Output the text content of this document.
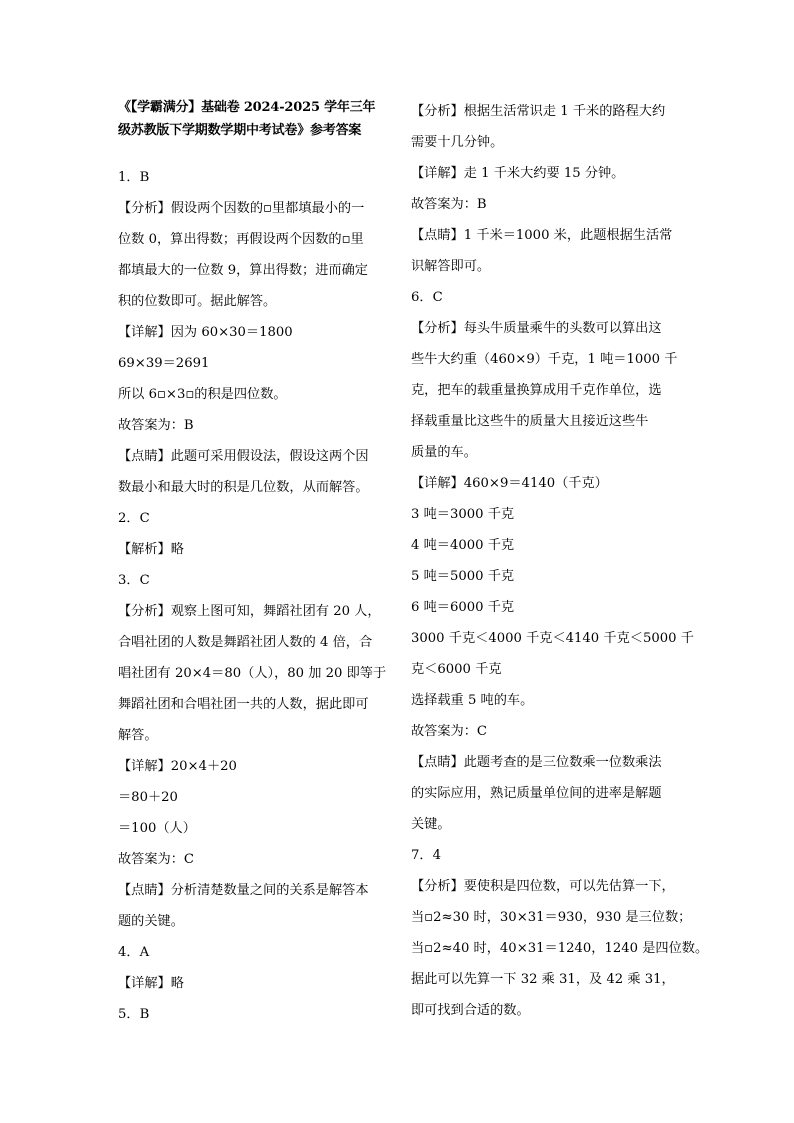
《【学霸满分】基础卷 2024-2025 学年三年
级苏教版下学期数学期中考试卷》参考答案
1．B
【分析】假设两个因数的▫里都填最小的一
位数 0，算出得数；再假设两个因数的▫里
都填最大的一位数 9，算出得数；进而确定
积的位数即可。据此解答。
【详解】因为 60×30＝1800
69×39＝2691
所以 6▫×3▫的积是四位数。
故答案为：B
【点睛】此题可采用假设法，假设这两个因
数最小和最大时的积是几位数，从而解答。
2．C
【解析】略
3．C
【分析】观察上图可知，舞蹈社团有 20 人，
合唱社团的人数是舞蹈社团人数的 4 倍，合
唱社团有 20×4＝80（人），80 加 20 即等于
舞蹈社团和合唱社团一共的人数，据此即可
解答。
【详解】20×4＋20
＝80＋20
＝100（人）
故答案为：C
【点睛】分析清楚数量之间的关系是解答本
题的关键。
4．A
【详解】略
5．B
【分析】根据生活常识走 1 千米的路程大约
需要十几分钟。
【详解】走 1 千米大约要 15 分钟。
故答案为：B
【点睛】1 千米＝1000 米，此题根据生活常
识解答即可。
6．C
【分析】每头牛质量乘牛的头数可以算出这
些牛大约重（460×9）千克，1 吨＝1000 千
克，把车的载重量换算成用千克作单位，选
择载重量比这些牛的质量大且接近这些牛
质量的车。
【详解】460×9＝4140（千克）
3 吨＝3000 千克
4 吨＝4000 千克
5 吨＝5000 千克
6 吨＝6000 千克
3000 千克＜4000 千克＜4140 千克＜5000 千
克＜6000 千克
选择载重 5 吨的车。
故答案为：C
【点睛】此题考查的是三位数乘一位数乘法
的实际应用，熟记质量单位间的进率是解题
关键。
7．4
【分析】要使积是四位数，可以先估算一下，
当▫2≈30 时，30×31＝930，930 是三位数；
当▫2≈40 时，40×31＝1240，1240 是四位数。
据此可以先算一下 32 乘 31，及 42 乘 31，
即可找到合适的数。
